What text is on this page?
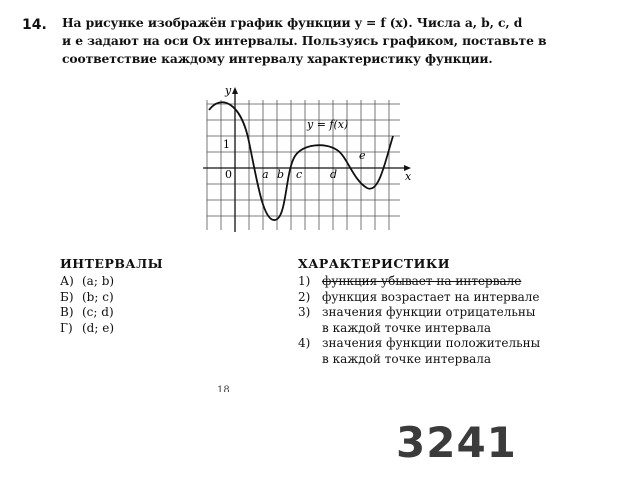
14. На рисунке изображён график функции y = f (x). Числа a, b, c, d
и e задают на оси Ox интервалы. Пользуясь графиком, поставьте в
соответствие каждому интервалу характеристику функции.
y
x
y = f(x)
0
1
a b c	d
e
ИНТЕРВАЛЫ
А) (a; b)
Б) (b; c)
В) (c; d)
Г) (d; e)
ХАРАКТЕРИСТИКИ
1) функция убывает на интервале
2) функция возрастает на интервале
3) значения функции отрицательны
в каждой точке интервала
4) значения функции положительны
в каждой точке интервала
18
3241
